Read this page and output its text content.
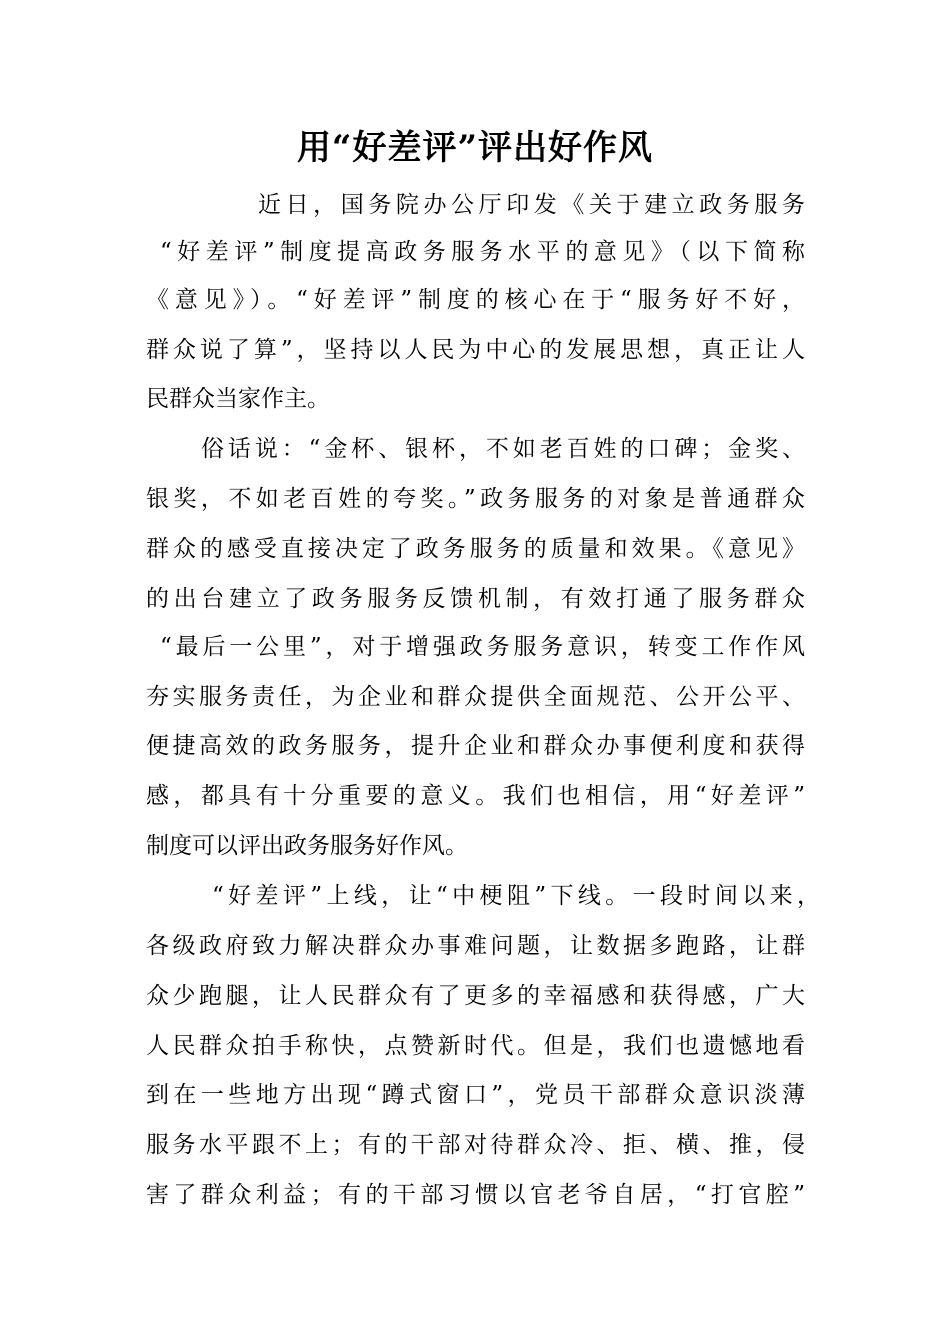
用“好差评”评出好作风
近日，国务院办公厅印发《关于建立政务服务
“好差评”制度提高政务服务水平的意见》（以下简称
《意见》）。“好差评”制度的核心在于“服务好不好，
群众说了算”，坚持以人民为中心的发展思想，真正让人
民群众当家作主。
俗话说：“金杯、银杯，不如老百姓的口碑；金奖、
银奖，不如老百姓的夸奖。”政务服务的对象是普通群众
群众的感受直接决定了政务服务的质量和效果。《意见》
的出台建立了政务服务反馈机制，有效打通了服务群众
“最后一公里”，对于增强政务服务意识，转变工作作风
夯实服务责任，为企业和群众提供全面规范、公开公平、
便捷高效的政务服务，提升企业和群众办事便利度和获得
感，都具有十分重要的意义。我们也相信，用“好差评”
制度可以评出政务服务好作风。
“好差评”上线，让“中梗阻”下线。一段时间以来，
各级政府致力解决群众办事难问题，让数据多跑路，让群
众少跑腿，让人民群众有了更多的幸福感和获得感，广大
人民群众拍手称快，点赞新时代。但是，我们也遗憾地看
到在一些地方出现“蹲式窗口”，党员干部群众意识淡薄
服务水平跟不上；有的干部对待群众冷、拒、横、推，侵
害了群众利益；有的干部习惯以官老爷自居，“打官腔”
